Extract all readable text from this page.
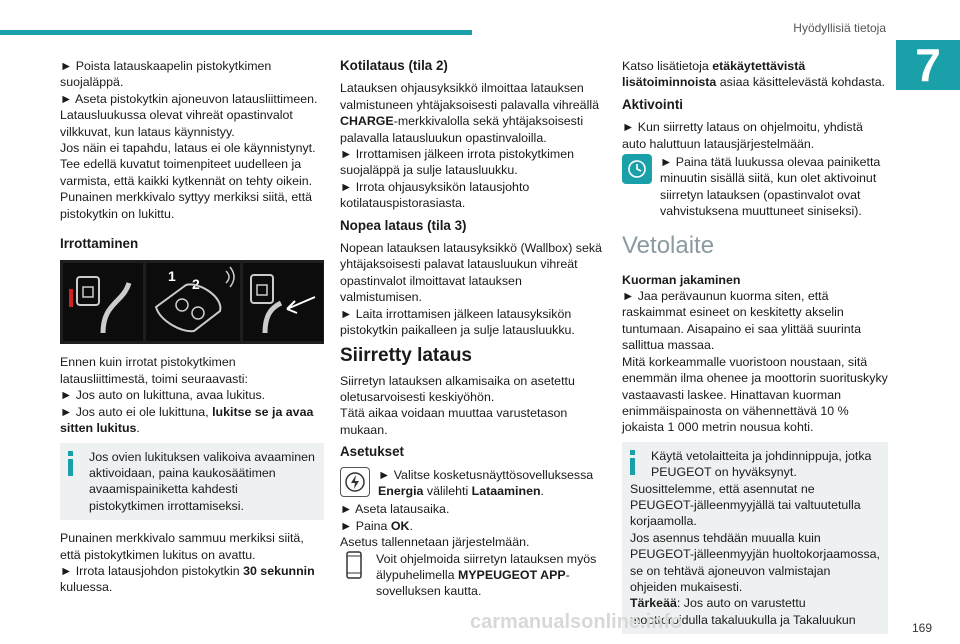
Hyödyllisiä tietoja
7

► Poista latauskaapelin pistokytkimen suojaläppä.
► Aseta pistokytkin ajoneuvon latausliittimeen.
Latausluukussa olevat vihreät opastinvalot vilkkuvat, kun lataus käynnistyy.
Jos näin ei tapahdu, lataus ei ole käynnistynyt.
Tee edellä kuvatut toimenpiteet uudelleen ja varmista, että kaikki kytkennät on tehty oikein.
Punainen merkkivalo syttyy merkiksi siitä, että pistokytkin on lukittu.

Irrottaminen
1 2

Ennen kuin irrotat pistokytkimen latausliittimestä, toimi seuraavasti:
► Jos auto on lukittuna, avaa lukitus.
► Jos auto ei ole lukittuna, lukitse se ja avaa sitten lukitus.

Jos ovien lukituksen valikoiva avaaminen aktivoidaan, paina kaukosäätimen avaamispainiketta kahdesti pistokytkimen irrottamiseksi.

Punainen merkkivalo sammuu merkiksi siitä, että pistokytkimen lukitus on avattu.
► Irrota latausjohdon pistokytkin 30 sekunnin kuluessa.

Kotilataus (tila 2)

Latauksen ohjausyksikkö ilmoittaa latauksen valmistuneen yhtäjaksoisesti palavalla vihreällä CHARGE-merkkivalolla sekä yhtäjaksoisesti palavalla latausluukun opastinvaloilla.
► Irrottamisen jälkeen irrota pistokytkimen suojaläppä ja sulje latausluukku.
► Irrota ohjausyksikön latausjohto kotilatauspistorasiasta.

Nopea lataus (tila 3)

Nopean latauksen latausyksikkö (Wallbox) sekä yhtäjaksoisesti palavat latausluukun vihreät opastinvalot ilmoittavat latauksen valmistumisen.
► Laita irrottamisen jälkeen latausyksikön pistokytkin paikalleen ja sulje latausluukku.

Siirretty lataus

Siirretyn latauksen alkamisaika on asetettu oletusarvoisesti keskiyöhön.
Tätä aikaa voidaan muuttaa varustetason mukaan.

Asetukset
► Valitse kosketusnäyttösovelluksessa Energia välilehti Lataaminen.

► Aseta latausaika.
► Paina OK.
Asetus tallennetaan järjestelmään.

Voit ohjelmoida siirretyn latauksen myös älypuhelimella MYPEUGEOT APP-sovelluksen kautta.

Katso lisätietoja etäkäytettävistä lisätoiminnoista asiaa käsittelevästä kohdasta.

Aktivointi

► Kun siirretty lataus on ohjelmoitu, yhdistä auto haluttuun latausjärjestelmään.

► Paina tätä luukussa olevaa painiketta minuutin sisällä siitä, kun olet aktivoinut siirretyn latauksen (opastinvalot ovat vahvistuksena muuttuneet siniseksi).
Vetolaite
Kuorman jakaminen

► Jaa perävaunun kuorma siten, että raskaimmat esineet on keskitetty akselin tuntumaan. Aisapaino ei saa ylittää suurinta sallittua massaa.
Mitä korkeammalle vuoristoon noustaan, sitä enemmän ilma ohenee ja moottorin suorituskyky vastaavasti laskee. Hinattavan kuorman enimmäispainosta on vähennettävä 10 % jokaista 1 000 metrin nousua kohti.

Käytä vetolaitteita ja johdinnippuja, jotka PEUGEOT on hyväksynyt.
Suosittelemme, että asennutat ne PEUGEOT-jälleenmyyjällä tai valtuutetulla korjaamolla.
Jos asennus tehdään muualla kuin PEUGEOT-jälleenmyyjän huoltokorjaamossa, se on tehtävä ajoneuvon valmistajan ohjeiden mukaisesti.
Tärkeää: Jos auto on varustettu moottoroidulla takaluukulla ja Takaluukun
carmanualsonline.info	169
